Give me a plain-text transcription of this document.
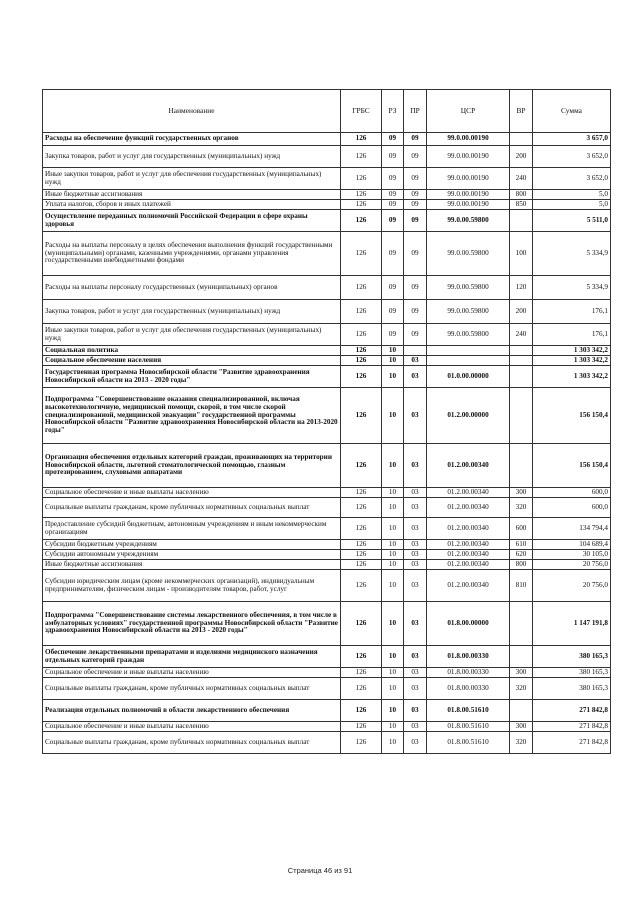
Наименование	ГРБС	РЗ	ПР	ЦСР	ВР	Сумма
Расходы на обеспечение функций государственных органов	126	09	09	99.0.00.00190		3 657,0
Закупка товаров, работ и услуг для государственных (муниципальных) нужд	126	09	09	99.0.00.00190	200	3 652,0
Иные закупки товаров, работ и услуг для обеспечения государственных (муниципальных) нужд	126	09	09	99.0.00.00190	240	3 652,0
Иные бюджетные ассигнования	126	09	09	99.0.00.00190	800	5,0
Уплата налогов, сборов и иных платежей	126	09	09	99.0.00.00190	850	5,0
Осуществление переданных полномочий Российской Федерации в сфере охраны здоровья	126	09	09	99.0.00.59800		5 511,0
Расходы на выплаты персоналу в целях обеспечения выполнения функций государственными (муниципальными) органами, казенными учреждениями, органами управления государственными внебюджетными фондами	126	09	09	99.0.00.59800	100	5 334,9
Расходы на выплаты персоналу государственных (муниципальных) органов	126	09	09	99.0.00.59800	120	5 334,9
Закупка товаров, работ и услуг для государственных (муниципальных) нужд	126	09	09	99.0.00.59800	200	176,1
Иные закупки товаров, работ и услуг для обеспечения государственных (муниципальных) нужд	126	09	09	99.0.00.59800	240	176,1
Социальная политика	126	10				1 303 342,2
Социальное обеспечение населения	126	10	03			1 303 342,2
Государственная программа Новосибирской области "Развитие здравоохранения Новосибирской области на 2013 - 2020 годы"	126	10	03	01.0.00.00000		1 303 342,2
Подпрограмма "Совершенствование оказания специализированной, включая высокотехнологичную, медицинской помощи, скорой, в том числе скорой специализированной, медицинской эвакуации" государственной программы Новосибирской области "Развитие здравоохранения Новосибирской области на 2013-2020 годы"	126	10	03	01.2.00.00000		156 150,4
Организация обеспечения отдельных категорий граждан, проживающих на территории Новосибирской области, льготной стоматологической помощью, глазным протезированием, слуховыми аппаратами	126	10	03	01.2.00.00340		156 150,4
Социальное обеспечение и иные выплаты населению	126	10	03	01.2.00.00340	300	600,0
Социальные выплаты гражданам, кроме публичных нормативных социальных выплат	126	10	03	01.2.00.00340	320	600,0
Предоставление субсидий бюджетным, автономным учреждениям и иным некоммерческим организациям	126	10	03	01.2.00.00340	600	134 794,4
Субсидии бюджетным учреждениям	126	10	03	01.2.00.00340	610	104 689,4
Субсидии автономным учреждениям	126	10	03	01.2.00.00340	620	30 105,0
Иные бюджетные ассигнования	126	10	03	01.2.00.00340	800	20 756,0
Субсидии юридическим лицам (кроме некоммерческих организаций), индивидуальным предпринимателям, физическим лицам - производителям товаров, работ, услуг	126	10	03	01.2.00.00340	810	20 756,0
Подпрограмма "Совершенствование системы лекарственного обеспечения, в том числе в амбулаторных условиях" государственной программы Новосибирской области "Развитие здравоохранения Новосибирской области на 2013 - 2020 годы"	126	10	03	01.8.00.00000		1 147 191,8
Обеспечение лекарственными препаратами и изделиями медицинского назначения отдельных категорий граждан	126	10	03	01.8.00.00330		380 165,3
Социальное обеспечение и иные выплаты населению	126	10	03	01.8.00.00330	300	380 165,3
Социальные выплаты гражданам, кроме публичных нормативных социальных выплат	126	10	03	01.8.00.00330	320	380 165,3
Реализация отдельных полномочий в области лекарственного обеспечения	126	10	03	01.8.00.51610		271 842,8
Социальное обеспечение и иные выплаты населению	126	10	03	01.8.00.51610	300	271 842,8
Социальные выплаты гражданам, кроме публичных нормативных социальных выплат	126	10	03	01.8.00.51610	320	271 842,8
Страница 46 из 91
